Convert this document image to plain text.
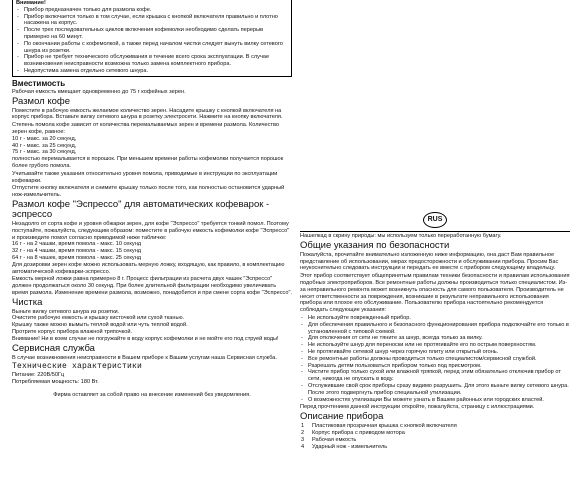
Внимание!
- Прибор предназначен только для размола кофе.
- Прибор включается только в том случае, если крышка с кнопкой включателя правильно и плотно насажена на корпус.
- После трех последовательных циклов включения кофемолки необходимо сделать перерыв примерно на 60 минут.
- По окончании работы с кофемолкой, а также перед началом чистки следует вынуть вилку сетевого шнура из розетки.
- Прибор не требует технического обслуживания в течение всего срока эксплуатации. В случае возникновения неисправности возможна только замена комплектного прибора.
- Недопустима замена отдельно сетевого шнура.
Вместимость

Рабочая емкость вмещает одновременно до 75 г кофейных зерен.

Размол кофе

Поместите в рабочую емкость желаемое количество зерен. Насадите крышку с кнопкой включателя на корпус прибора. Вставьте вилку сетевого шнура в розетку электросети. Нажмите на кнопку включателя.

Степень помола кофе зависит от количества перемалываемых зерен и времени размола. Количество зерен кофе, равное:

10 г - макс. за 20 секунд,
40 г - макс. за 25 секунд,
75 г - макс. за 30 секунд,

полностью перемалывается в порошок. При меньшем времени работы кофемолки получается порошок более грубого помола.

Учитывайте также указания относительно уровня помола, приводимые в инструкции по эксплуатации кофеварки.

Отпустите кнопку включателя и снимите крышку только после того, как полностью остановится ударный нож-измельчитель.

Размол кофе "Эспрессо" для автоматических кофеварок - эспрессо

Незадолго от сорта кофе и уровня обжарки зерен, для кофе "Эспрессо" требуется тонкий помол. Поэтому поступайте, пожалуйста, следующим образом: поместите в рабочую емкость кофемолки кофе "Эспрессо" и произведите помол согласно приводимой ниже табличке:

16 г - на 2 чашки, время помола - макс. 10 секунд
32 г - на 4 чашки, время помола - макс. 15 секунд
64 г - на 8 чашек, время помола - макс. 25 секунд

Для дозировки зерен кофе можно использовать мерную ложку, входящую, как правило, в комплектацию автоматической кофеварки-эспрессо.

Емкость мерной ложки равна примерно 8 г. Процесс фильтрации из расчета двух чашек "Эспрессо" должен продолжаться около 30 секунд. При более длительной фильтрации необходимо увеличивать время размола. Изменение времени размола, возможно, понадобится и при смене сорта кофе "Эспрессо".

Чистка
Выньте вилку сетевого шнура из розетки.
Очистите рабочую емкость и крышку кисточкой или сухой тканью.
Крышку также можно вымыть теплой водой или чуть теплой водой.
Протрите корпус прибора влажной тряпочкой.
Внимание! Ни в коем случае не погружайте в воду корпус кофемолки и не мойте его под струей воды!
Сервисная служба

В случае возникновения неисправности в Вашем приборе к Вашим услугам наша Сервисная служба.

Технические характеристики
Питание: 220В/50Гц
Потребляемая мощность: 180 Вт.

Фирма оставляет за собой право на внесение изменений без уведомления.

RUS

Нашелкад в скрину природы: мы используем только переработанную бумагу.

Общие указания по безопасности

Пожалуйста, прочитайте внимательно изложенную ниже информацию, она даст Вам правильное представление об использовании, мерах предосторожности и обслуживании прибора. Просим Вас неукоснительно следовать инструкции и передать ее вместе с прибором следующему владельцу.

Этот прибор соответствует общепринятым правилам техники безопасности и правилам использования подобных электроприборов. Все ремонтные работы должны производиться только специалистом. Из-за неправильного ремонта может возникнуть опасность для самого пользователя. Производитель не несет ответственности за повреждения, возникшие в результате неправильного использования прибора или плохое его обслуживание. Пользователю прибора настоятельно рекомендуется соблюдать следующие указания:

- Не используйте поврежденный прибор.
- Для обеспечения правильного и безопасного функционирования прибора подключайте его только в установленной с типовой схемой.
- Для отключения от сети не тяните за шнур, всегда только за вилку.
- Не используйте шнур для переноски или не протягивайте его по острым поверхностям.
- Не протягивайте сетевой шнур через горячую плиту или открытый огонь.
- Все ремонтные работы должны проводиться только специалистом/сервисной службой.
- Разрешать детям пользоваться прибором только под присмотром.
- Чистите прибор только сухой или влажной тряпкой, перед этим обязательно отключив прибор от сети, никогда не опускать в воду.
- Отслужившие свой срок приборы сразу видимо разрушить. Для этого выньте вилку сетевого шнура. После этого подвергнуть прибор специальной утилизации.
- О возможностях утилизации Вы можете узнать в Вашем районных или городских властей.

Перед прочтением данной инструкции откройте, пожалуйста, страницу с иллюстрациями.

Описание прибора
1 Пластиковая прозрачная крышка с кнопкой включателя
2 Корпус прибора с приводом мотора
3 Рабочая емкость
4 Ударный нож - измельчитель
